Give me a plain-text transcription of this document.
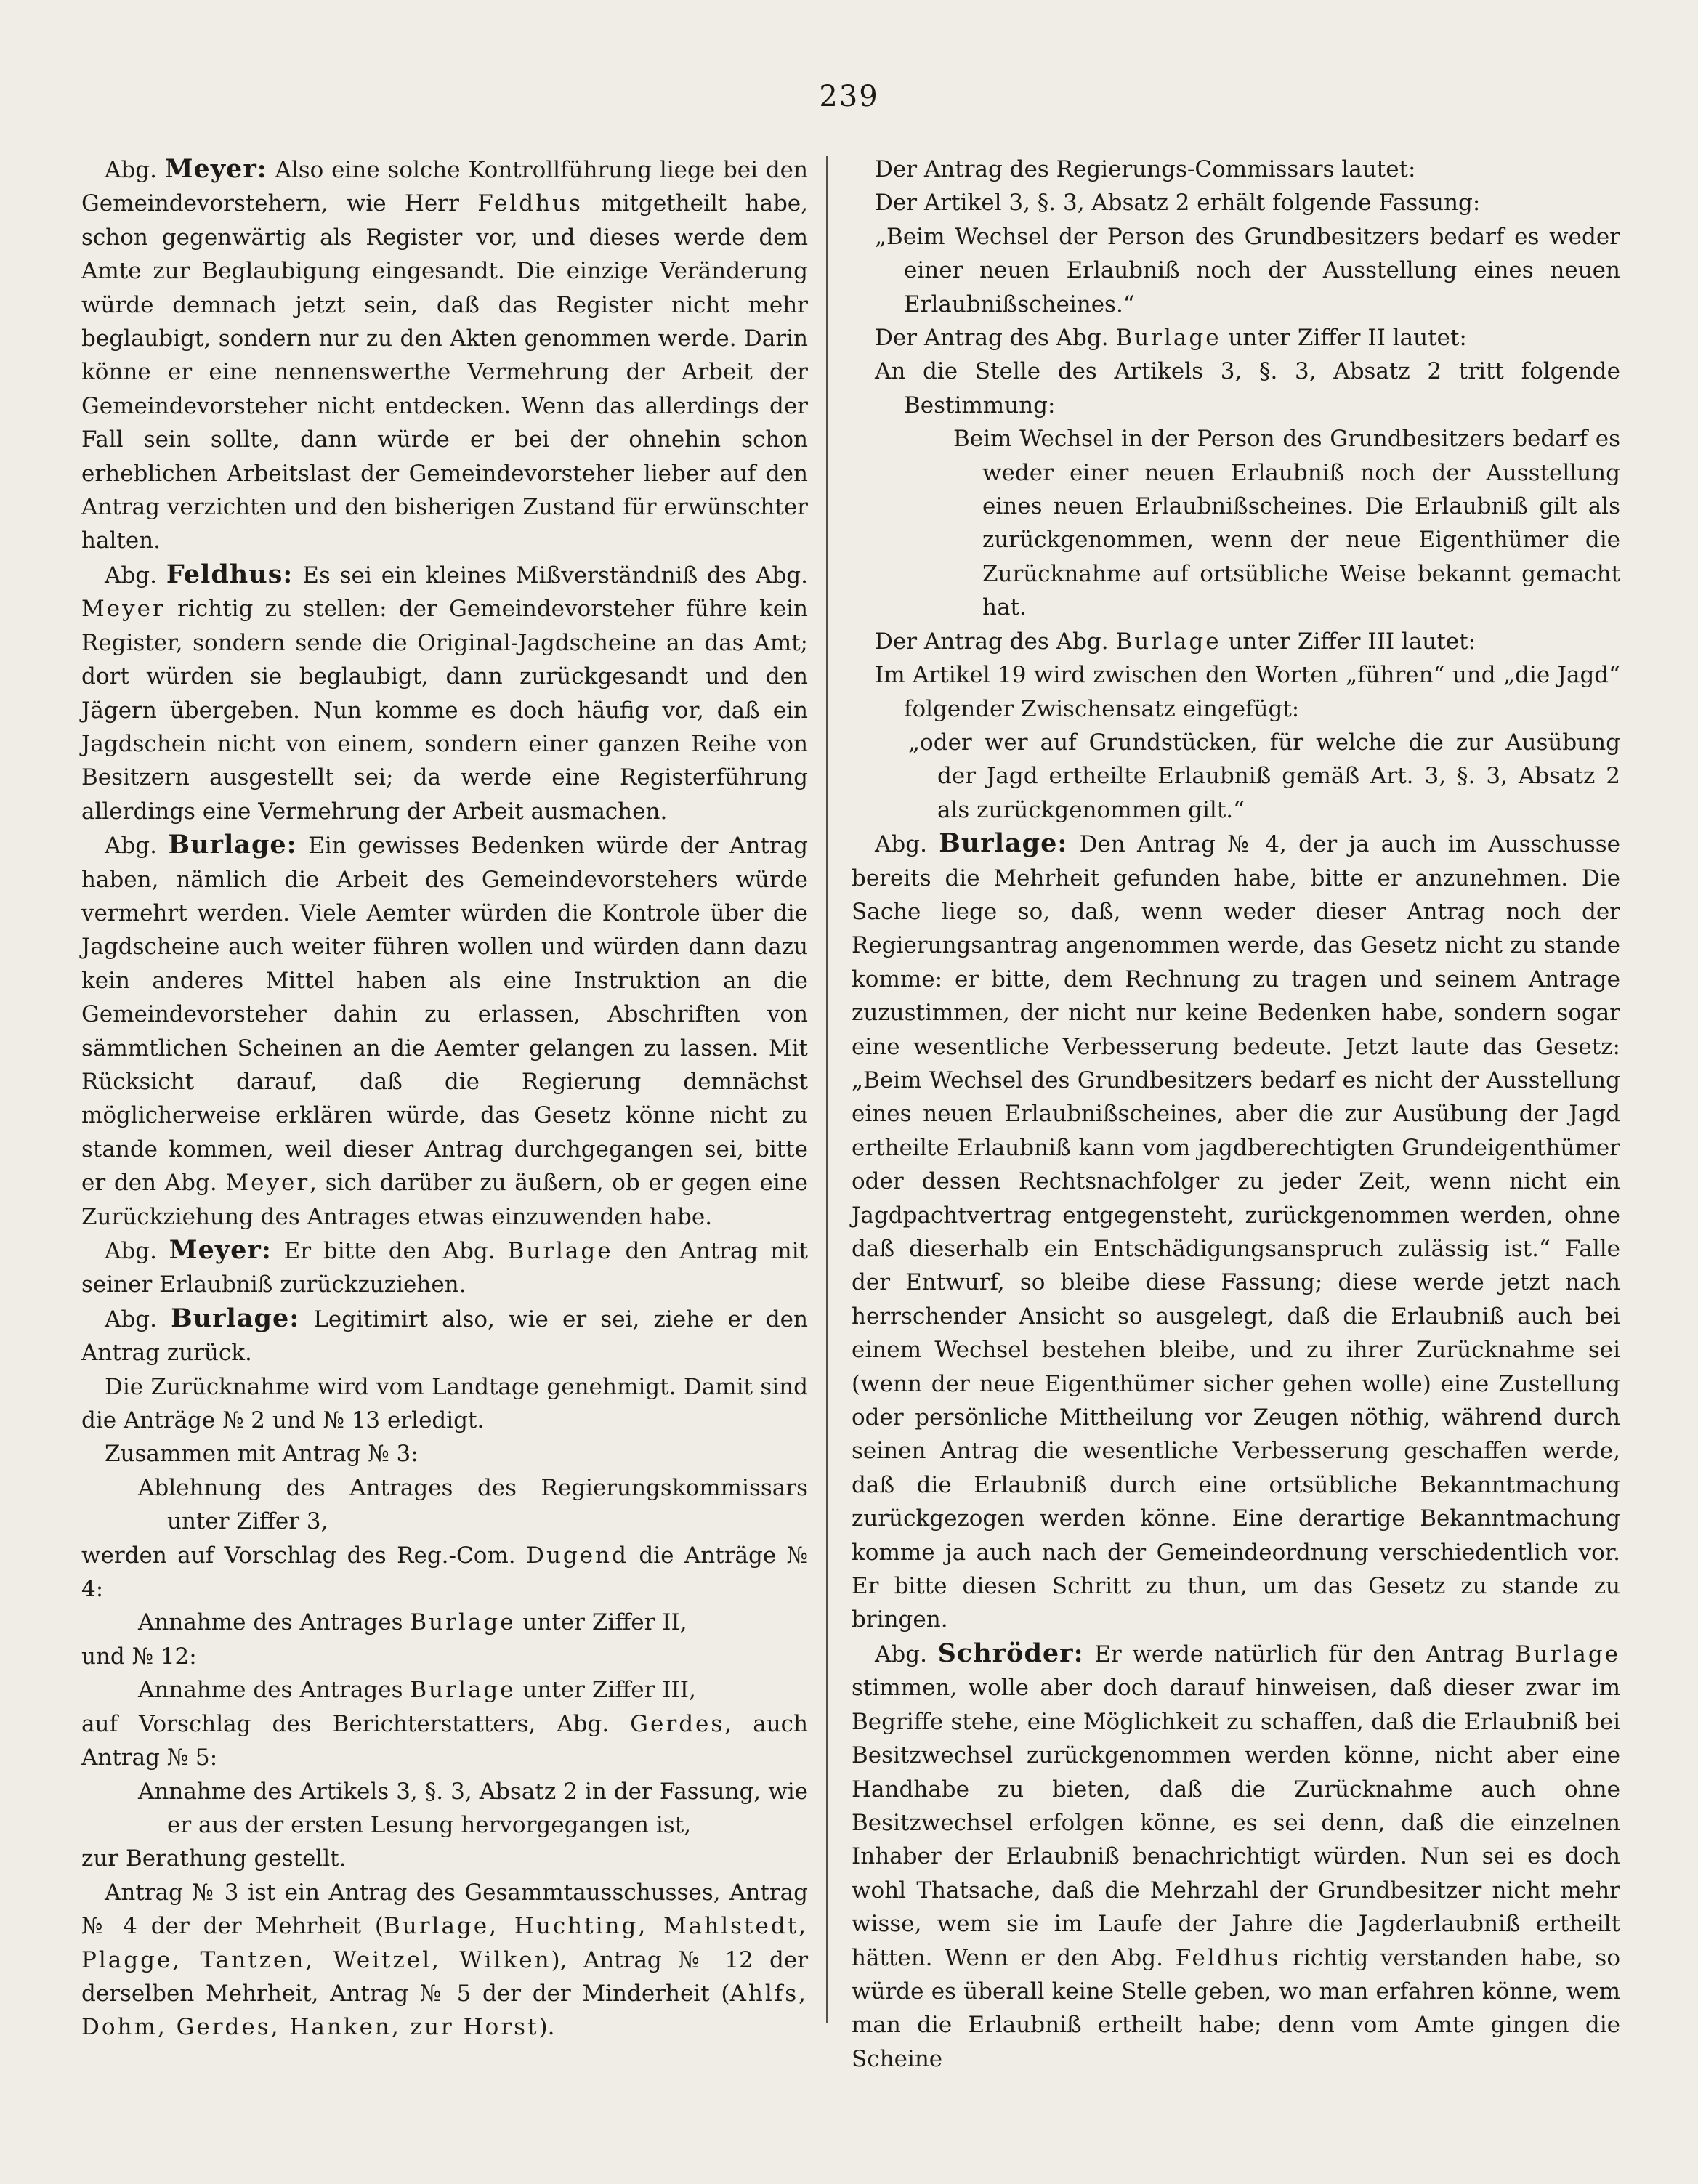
239

Abg. Meyer: Also eine solche Kontrollführung liege bei den Gemeindevorstehern, wie Herr Feldhus mitgetheilt habe, schon gegenwärtig als Register vor, und dieses werde dem Amte zur Beglaubigung eingesandt. Die einzige Veränderung würde demnach jetzt sein, daß das Register nicht mehr beglaubigt, sondern nur zu den Akten genommen werde. Darin könne er eine nennenswerthe Vermehrung der Arbeit der Gemeindevorsteher nicht entdecken. Wenn das allerdings der Fall sein sollte, dann würde er bei der ohnehin schon erheblichen Arbeitslast der Gemeindevorsteher lieber auf den Antrag verzichten und den bisherigen Zustand für erwünschter halten.

Abg. Feldhus: Es sei ein kleines Mißverständniß des Abg. Meyer richtig zu stellen: der Gemeindevorsteher führe kein Register, sondern sende die Original-Jagdscheine an das Amt; dort würden sie beglaubigt, dann zurückgesandt und den Jägern übergeben. Nun komme es doch häufig vor, daß ein Jagdschein nicht von einem, sondern einer ganzen Reihe von Besitzern ausgestellt sei; da werde eine Registerführung allerdings eine Vermehrung der Arbeit ausmachen.

Abg. Burlage: Ein gewisses Bedenken würde der Antrag haben, nämlich die Arbeit des Gemeindevorstehers würde vermehrt werden. Viele Aemter würden die Kontrole über die Jagdscheine auch weiter führen wollen und würden dann dazu kein anderes Mittel haben als eine Instruktion an die Gemeindevorsteher dahin zu erlassen, Abschriften von sämmtlichen Scheinen an die Aemter gelangen zu lassen. Mit Rücksicht darauf, daß die Regierung demnächst möglicherweise erklären würde, das Gesetz könne nicht zu stande kommen, weil dieser Antrag durchgegangen sei, bitte er den Abg. Meyer, sich darüber zu äußern, ob er gegen eine Zurückziehung des Antrages etwas einzuwenden habe.

Abg. Meyer: Er bitte den Abg. Burlage den Antrag mit seiner Erlaubniß zurückzuziehen.

Abg. Burlage: Legitimirt also, wie er sei, ziehe er den Antrag zurück.

Die Zurücknahme wird vom Landtage genehmigt. Damit sind die Anträge № 2 und № 13 erledigt.

Zusammen mit Antrag № 3:

Ablehnung des Antrages des Regierungskommissars unter Ziffer 3,

werden auf Vorschlag des Reg.-Com. Dugend die Anträge № 4:

Annahme des Antrages Burlage unter Ziffer II,

und № 12:

Annahme des Antrages Burlage unter Ziffer III,

auf Vorschlag des Berichterstatters, Abg. Gerdes, auch Antrag № 5:

Annahme des Artikels 3, §. 3, Absatz 2 in der Fassung, wie er aus der ersten Lesung hervorgegangen ist,

zur Berathung gestellt.

Antrag № 3 ist ein Antrag des Gesammtausschusses, Antrag № 4 der der Mehrheit (Burlage, Huchting, Mahlstedt, Plagge, Tantzen, Weitzel, Wilken), Antrag № 12 der derselben Mehrheit, Antrag № 5 der der Minderheit (Ahlfs, Dohm, Gerdes, Hanken, zur Horst).

Der Antrag des Regierungs-Commissars lautet:

Der Artikel 3, §. 3, Absatz 2 erhält folgende Fassung:

„Beim Wechsel der Person des Grundbesitzers bedarf es weder einer neuen Erlaubniß noch der Ausstellung eines neuen Erlaubnißscheines.“

Der Antrag des Abg. Burlage unter Ziffer II lautet:

An die Stelle des Artikels 3, §. 3, Absatz 2 tritt folgende Bestimmung:

Beim Wechsel in der Person des Grundbesitzers bedarf es weder einer neuen Erlaubniß noch der Ausstellung eines neuen Erlaubnißscheines. Die Erlaubniß gilt als zurückgenommen, wenn der neue Eigenthümer die Zurücknahme auf ortsübliche Weise bekannt gemacht hat.

Der Antrag des Abg. Burlage unter Ziffer III lautet:

Im Artikel 19 wird zwischen den Worten „führen“ und „die Jagd“ folgender Zwischensatz eingefügt:

„oder wer auf Grundstücken, für welche die zur Ausübung der Jagd ertheilte Erlaubniß gemäß Art. 3, §. 3, Absatz 2 als zurückgenommen gilt.“

Abg. Burlage: Den Antrag № 4, der ja auch im Ausschusse bereits die Mehrheit gefunden habe, bitte er anzunehmen. Die Sache liege so, daß, wenn weder dieser Antrag noch der Regierungsantrag angenommen werde, das Gesetz nicht zu stande komme: er bitte, dem Rechnung zu tragen und seinem Antrage zuzustimmen, der nicht nur keine Bedenken habe, sondern sogar eine wesentliche Verbesserung bedeute. Jetzt laute das Gesetz: „Beim Wechsel des Grundbesitzers bedarf es nicht der Ausstellung eines neuen Erlaubnißscheines, aber die zur Ausübung der Jagd ertheilte Erlaubniß kann vom jagdberechtigten Grundeigenthümer oder dessen Rechtsnachfolger zu jeder Zeit, wenn nicht ein Jagdpachtvertrag entgegensteht, zurückgenommen werden, ohne daß dieserhalb ein Entschädigungsanspruch zulässig ist.“ Falle der Entwurf, so bleibe diese Fassung; diese werde jetzt nach herrschender Ansicht so ausgelegt, daß die Erlaubniß auch bei einem Wechsel bestehen bleibe, und zu ihrer Zurücknahme sei (wenn der neue Eigenthümer sicher gehen wolle) eine Zustellung oder persönliche Mittheilung vor Zeugen nöthig, während durch seinen Antrag die wesentliche Verbesserung geschaffen werde, daß die Erlaubniß durch eine ortsübliche Bekanntmachung zurückgezogen werden könne. Eine derartige Bekanntmachung komme ja auch nach der Gemeindeordnung verschiedentlich vor. Er bitte diesen Schritt zu thun, um das Gesetz zu stande zu bringen.

Abg. Schröder: Er werde natürlich für den Antrag Burlage stimmen, wolle aber doch darauf hinweisen, daß dieser zwar im Begriffe stehe, eine Möglichkeit zu schaffen, daß die Erlaubniß bei Besitzwechsel zurückgenommen werden könne, nicht aber eine Handhabe zu bieten, daß die Zurücknahme auch ohne Besitzwechsel erfolgen könne, es sei denn, daß die einzelnen Inhaber der Erlaubniß benachrichtigt würden. Nun sei es doch wohl Thatsache, daß die Mehrzahl der Grundbesitzer nicht mehr wisse, wem sie im Laufe der Jahre die Jagderlaubniß ertheilt hätten. Wenn er den Abg. Feldhus richtig verstanden habe, so würde es überall keine Stelle geben, wo man erfahren könne, wem man die Erlaubniß ertheilt habe; denn vom Amte gingen die Scheine
